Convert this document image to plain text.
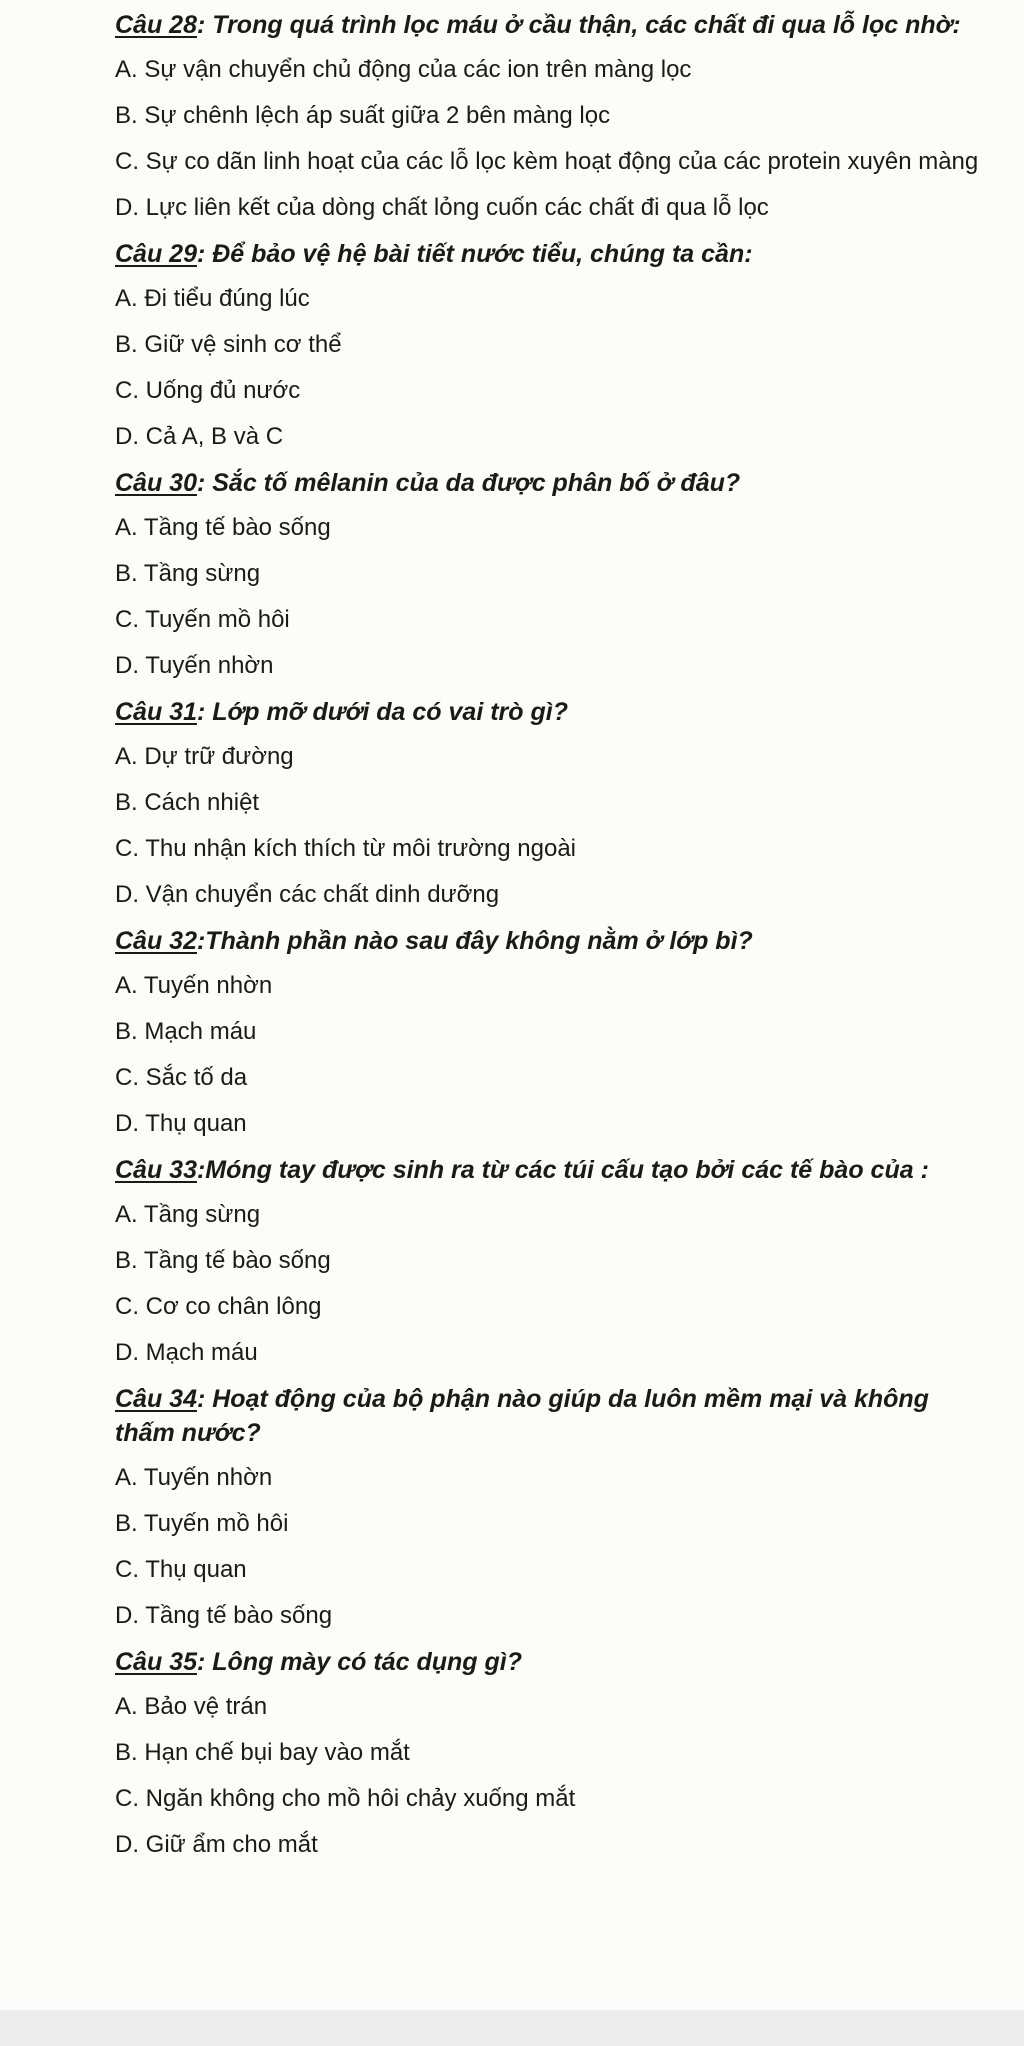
Câu 28: Trong quá trình lọc máu ở cầu thận, các chất đi qua lỗ lọc nhờ:

A. Sự vận chuyển chủ động của các ion trên màng lọc

B. Sự chênh lệch áp suất giữa 2 bên màng lọc

C. Sự co dãn linh hoạt của các lỗ lọc kèm hoạt động của các protein xuyên màng

D. Lực liên kết của dòng chất lỏng cuốn các chất đi qua lỗ lọc

Câu 29: Để bảo vệ hệ bài tiết nước tiểu, chúng ta cần:

A. Đi tiểu đúng lúc

B. Giữ vệ sinh cơ thể

C. Uống đủ nước

D. Cả A, B và C

Câu 30: Sắc tố mêlanin của da được phân bố ở đâu?

A. Tầng tế bào sống

B. Tầng sừng

C. Tuyến mồ hôi

D. Tuyến nhờn

Câu 31: Lớp mỡ dưới da có vai trò gì?

A. Dự trữ đường

B. Cách nhiệt

C. Thu nhận kích thích từ môi trường ngoài

D. Vận chuyển các chất dinh dưỡng

Câu 32:Thành phần nào sau đây không nằm ở lớp bì?

A. Tuyến nhờn

B. Mạch máu

C. Sắc tố da

D. Thụ quan

Câu 33:Móng tay được sinh ra từ các túi cấu tạo bởi các tế bào của :

A. Tầng sừng

B. Tầng tế bào sống

C. Cơ co chân lông

D. Mạch máu

Câu 34: Hoạt động của bộ phận nào giúp da luôn mềm mại và không thấm nước?

A. Tuyến nhờn

B. Tuyến mồ hôi

C. Thụ quan

D. Tầng tế bào sống

Câu 35: Lông mày có tác dụng gì?

A. Bảo vệ trán

B. Hạn chế bụi bay vào mắt

C. Ngăn không cho mồ hôi chảy xuống mắt

D. Giữ ẩm cho mắt
